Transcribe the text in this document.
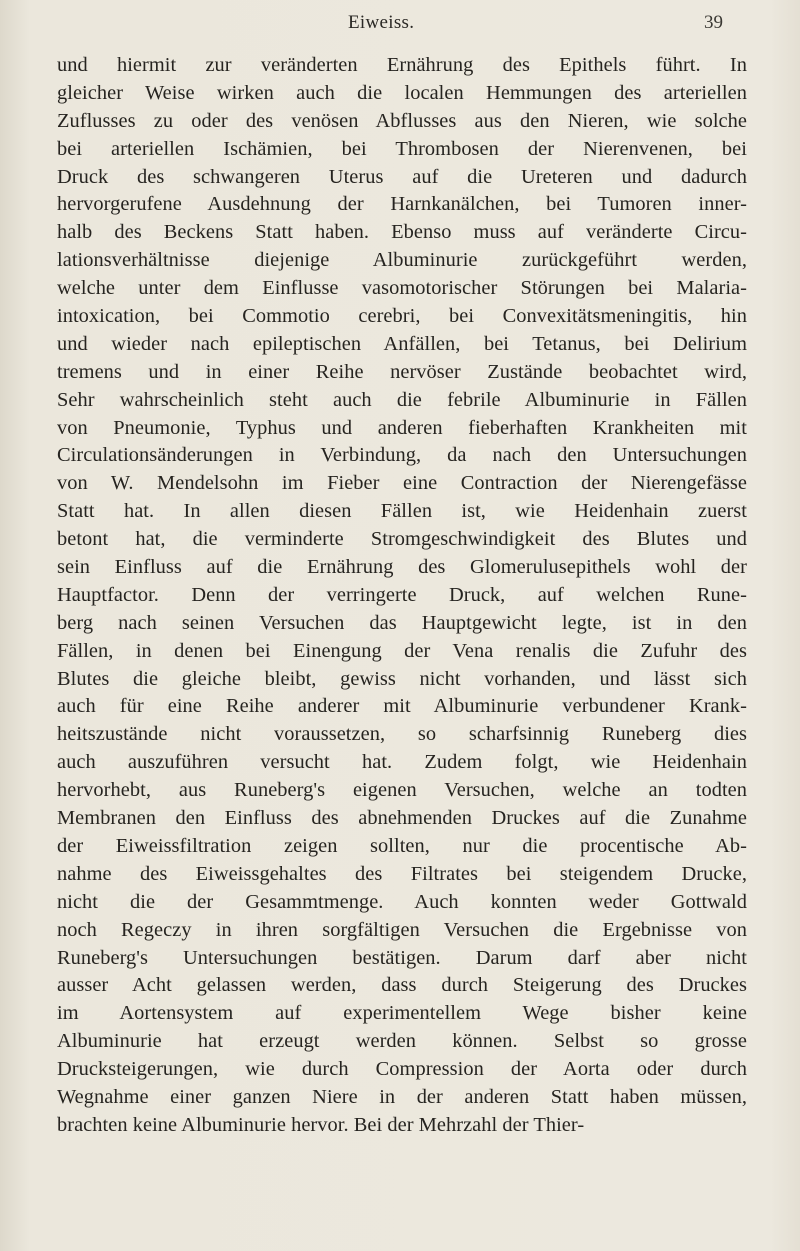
Eiweiss.	39
und hiermit zur veränderten Ernährung des Epithels führt. In
gleicher Weise wirken auch die localen Hemmungen des arteriellen
Zuflusses zu oder des venösen Abflusses aus den Nieren, wie solche
bei arteriellen Ischämien, bei Thrombosen der Nierenvenen, bei
Druck des schwangeren Uterus auf die Ureteren und dadurch
hervorgerufene Ausdehnung der Harnkanälchen, bei Tumoren inner-
halb des Beckens Statt haben. Ebenso muss auf veränderte Circu-
lationsverhältnisse diejenige Albuminurie zurückgeführt werden,
welche unter dem Einflusse vasomotorischer Störungen bei Malaria-
intoxication, bei Commotio cerebri, bei Convexitätsmeningitis, hin
und wieder nach epileptischen Anfällen, bei Tetanus, bei Delirium
tremens und in einer Reihe nervöser Zustände beobachtet wird,
Sehr wahrscheinlich steht auch die febrile Albuminurie in Fällen
von Pneumonie, Typhus und anderen fieberhaften Krankheiten mit
Circulationsänderungen in Verbindung, da nach den Untersuchungen
von W. Mendelsohn im Fieber eine Contraction der Nierengefässe
Statt hat. In allen diesen Fällen ist, wie Heidenhain zuerst
betont hat, die verminderte Stromgeschwindigkeit des Blutes und
sein Einfluss auf die Ernährung des Glomerulusepithels wohl der
Hauptfactor. Denn der verringerte Druck, auf welchen Rune-
berg nach seinen Versuchen das Hauptgewicht legte, ist in den
Fällen, in denen bei Einengung der Vena renalis die Zufuhr des
Blutes die gleiche bleibt, gewiss nicht vorhanden, und lässt sich
auch für eine Reihe anderer mit Albuminurie verbundener Krank-
heitszustände nicht voraussetzen, so scharfsinnig Runeberg dies
auch auszuführen versucht hat. Zudem folgt, wie Heidenhain
hervorhebt, aus Runeberg's eigenen Versuchen, welche an todten
Membranen den Einfluss des abnehmenden Druckes auf die Zunahme
der Eiweissfiltration zeigen sollten, nur die procentische Ab-
nahme des Eiweissgehaltes des Filtrates bei steigendem Drucke,
nicht die der Gesammtmenge. Auch konnten weder Gottwald
noch Regeczy in ihren sorgfältigen Versuchen die Ergebnisse von
Runeberg's Untersuchungen bestätigen. Darum darf aber nicht
ausser Acht gelassen werden, dass durch Steigerung des Druckes
im Aortensystem auf experimentellem Wege bisher keine
Albuminurie hat erzeugt werden können. Selbst so grosse
Drucksteigerungen, wie durch Compression der Aorta oder durch
Wegnahme einer ganzen Niere in der anderen Statt haben müssen,
brachten keine Albuminurie hervor. Bei der Mehrzahl der Thier-
